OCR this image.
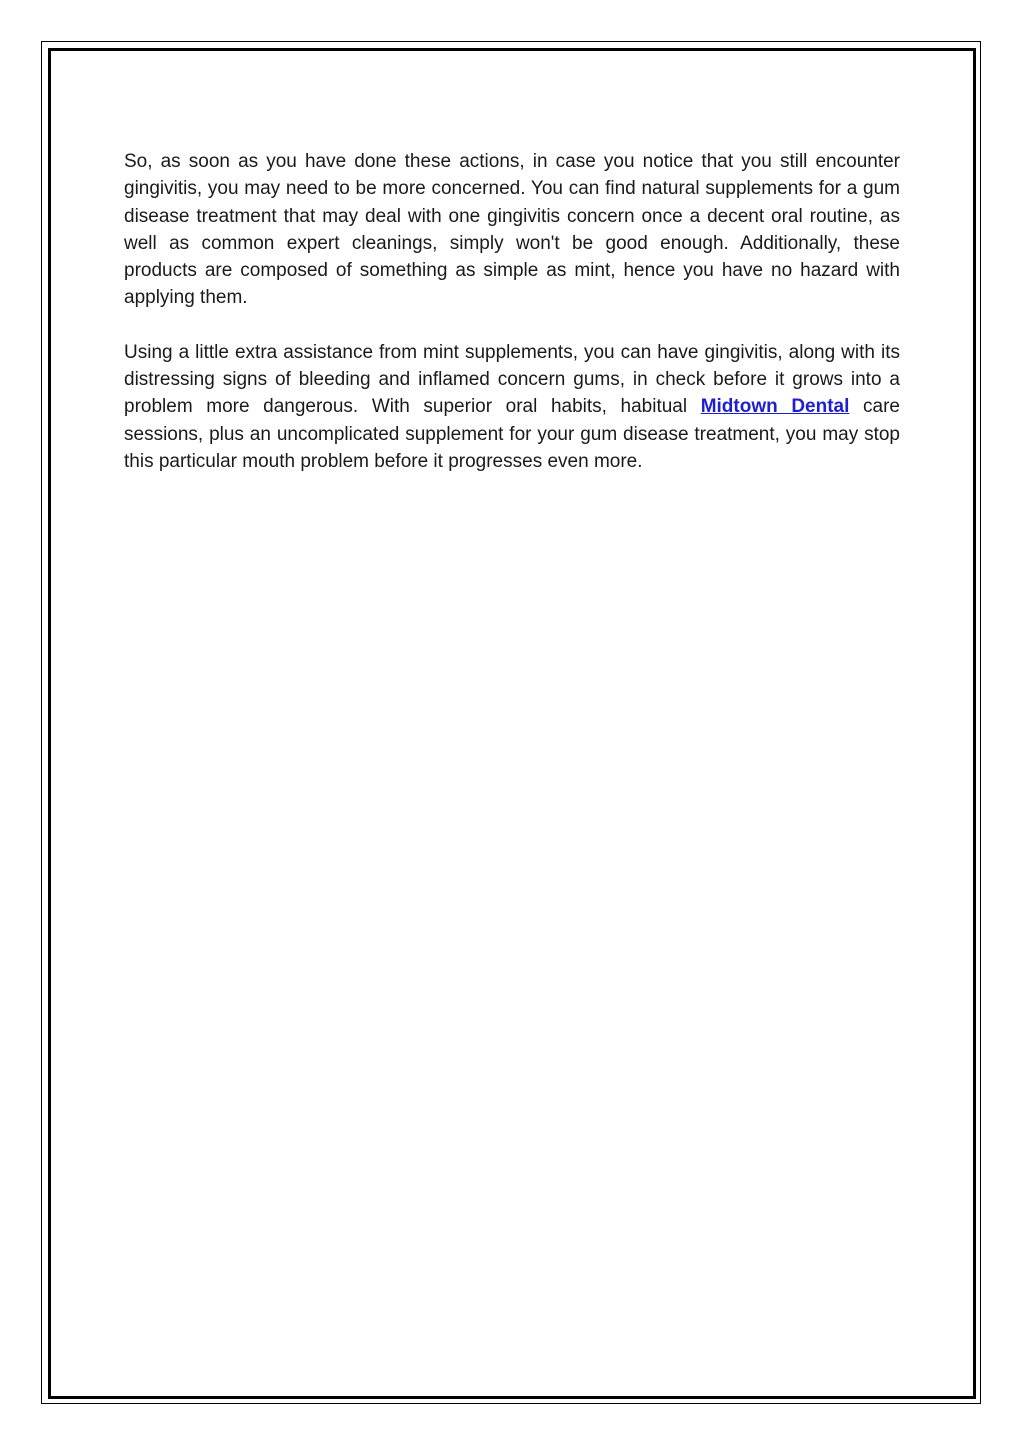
So, as soon as you have done these actions, in case you notice that you still encounter gingivitis, you may need to be more concerned. You can find natural supplements for a gum disease treatment that may deal with one gingivitis concern once a decent oral routine, as well as common expert cleanings, simply won't be good enough. Additionally, these products are composed of something as simple as mint, hence you have no hazard with applying them.

Using a little extra assistance from mint supplements, you can have gingivitis, along with its distressing signs of bleeding and inflamed concern gums, in check before it grows into a problem more dangerous. With superior oral habits, habitual Midtown Dental care sessions, plus an uncomplicated supplement for your gum disease treatment, you may stop this particular mouth problem before it progresses even more.
